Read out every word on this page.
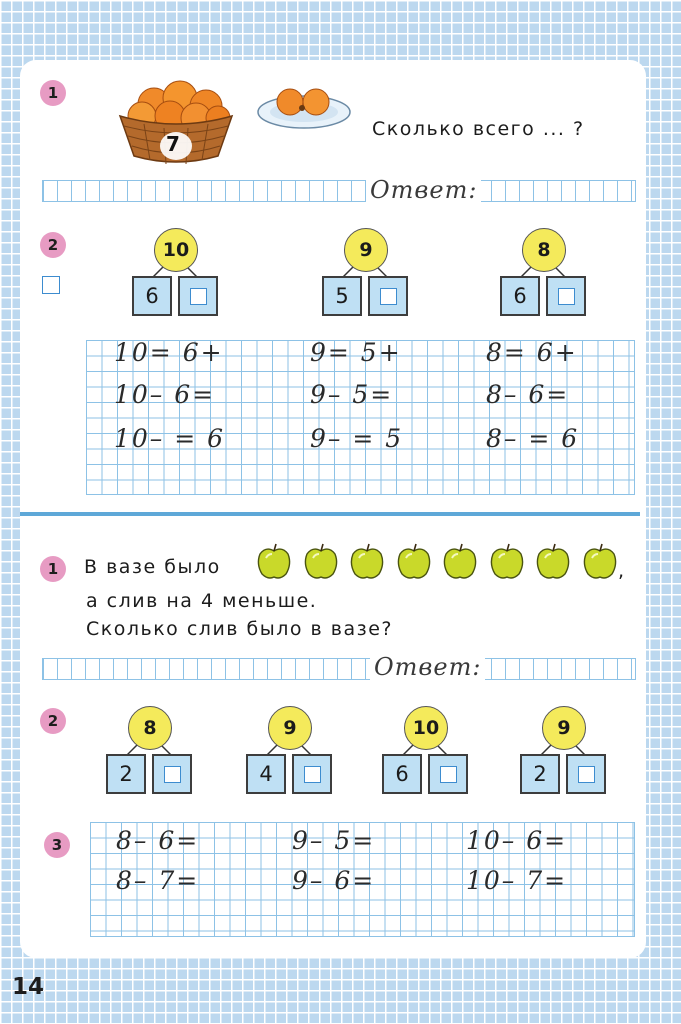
1
7
Сколько всего ... ?
Ответ:
2	10
6
9
5
8
6
10= 6+	9= 5+	8= 6+
10– 6=	9– 5=	8– 6=
10– = 6	9– = 5	8– = 6
1	В вазе было	,
а слив на 4 меньше.
Сколько слив было в вазе?
Ответ:
2	8
2
9
4
10
6
9
2
3	8– 6=	9– 5=	10– 6=
8– 7=	9– 6=	10– 7=
14
